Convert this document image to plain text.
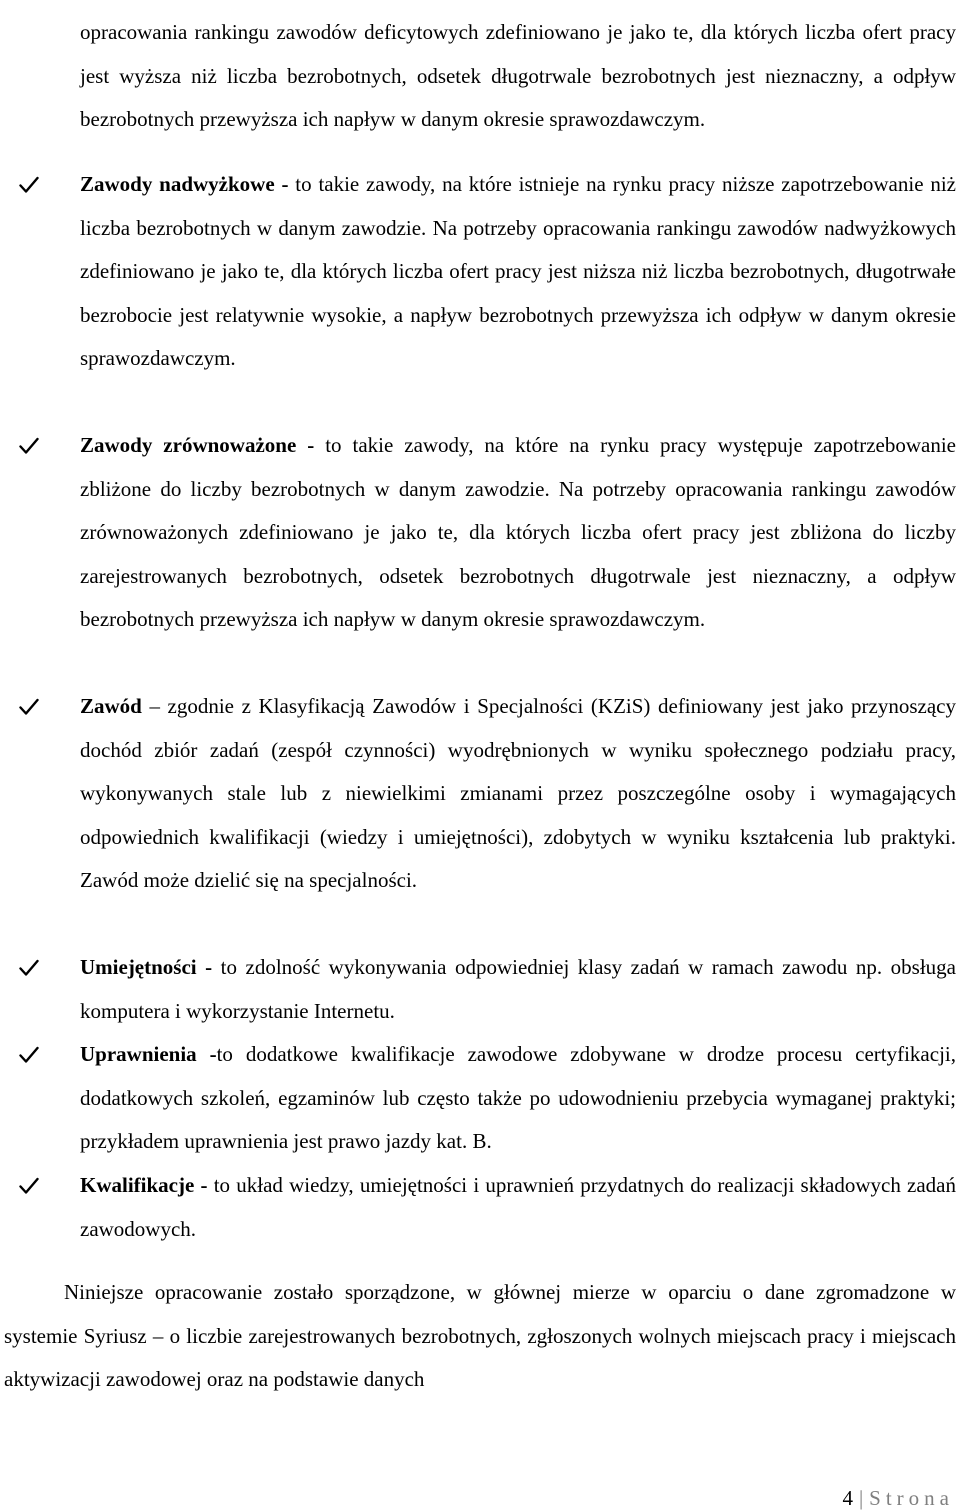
opracowania rankingu zawodów deficytowych zdefiniowano je jako te, dla których liczba ofert pracy jest wyższa niż liczba bezrobotnych, odsetek długotrwale bezrobotnych jest nieznaczny, a odpływ bezrobotnych przewyższa ich napływ w danym okresie sprawozdawczym.

Zawody nadwyżkowe - to takie zawody, na które istnieje na rynku pracy niższe zapotrzebowanie niż liczba bezrobotnych w danym zawodzie. Na potrzeby opracowania rankingu zawodów nadwyżkowych zdefiniowano je jako te, dla których liczba ofert pracy jest niższa niż liczba bezrobotnych, długotrwałe bezrobocie jest relatywnie wysokie, a napływ bezrobotnych przewyższa ich odpływ w danym okresie sprawozdawczym.
Zawody zrównoważone - to takie zawody, na które na rynku pracy występuje zapotrzebowanie zbliżone do liczby bezrobotnych w danym zawodzie. Na potrzeby opracowania rankingu zawodów zrównoważonych zdefiniowano je jako te, dla których liczba ofert pracy jest zbliżona do liczby zarejestrowanych bezrobotnych, odsetek bezrobotnych długotrwale jest nieznaczny, a odpływ bezrobotnych przewyższa ich napływ w danym okresie sprawozdawczym.
Zawód – zgodnie z Klasyfikacją Zawodów i Specjalności (KZiS) definiowany jest jako przynoszący dochód zbiór zadań (zespół czynności) wyodrębnionych w wyniku społecznego podziału pracy, wykonywanych stale lub z niewielkimi zmianami przez poszczególne osoby i wymagających odpowiednich kwalifikacji (wiedzy i umiejętności), zdobytych w wyniku kształcenia lub praktyki. Zawód może dzielić się na specjalności.
Umiejętności - to zdolność wykonywania odpowiedniej klasy zadań w ramach zawodu np. obsługa komputera i wykorzystanie Internetu.
Uprawnienia -to dodatkowe kwalifikacje zawodowe zdobywane w drodze procesu certyfikacji, dodatkowych szkoleń, egzaminów lub często także po udowodnieniu przebycia wymaganej praktyki; przykładem uprawnienia jest prawo jazdy kat. B.
Kwalifikacje - to układ wiedzy, umiejętności i uprawnień przydatnych do realizacji składowych zadań zawodowych.

Niniejsze opracowanie zostało sporządzone, w głównej mierze w oparciu o dane zgromadzone w systemie Syriusz – o liczbie zarejestrowanych bezrobotnych, zgłoszonych wolnych miejscach pracy i miejscach aktywizacji zawodowej oraz na podstawie danych

4 | Strona
